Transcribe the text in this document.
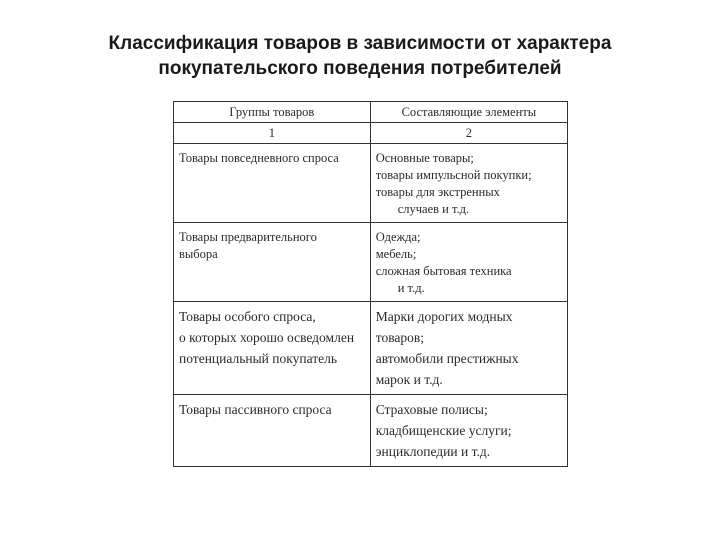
Классификация товаров в зависимости от характера
покупательского поведения потребителей
Группы товаров	Составляющие элементы
1	2

Товары повседневного спроса	Основные товары;
товары импульсной покупки;
товары для экстренных
случаев и т.д.

Товары предварительного
выбора	Одежда;
мебель;
сложная бытовая техника
и т.д.

Товары особого спроса,
о которых хорошо осведомлен
потенциальный покупатель	Марки дорогих модных
товаров;
автомобили престижных
марок и т.д.

Товары пассивного спроса	Страховые полисы;
кладбищенские услуги;
энциклопедии и т.д.
